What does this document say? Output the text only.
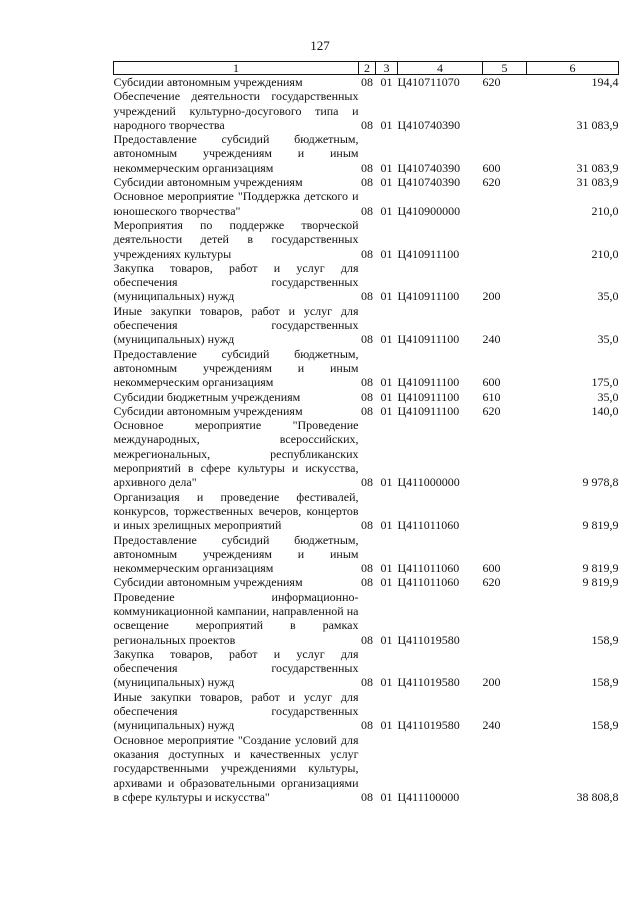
127
1	2	3	4	5	6
Субсидии автономным учреждениям	08	01	Ц410711070	620	194,4
Обеспечение деятельности государственных учреждений культурно-досугового типа и народного творчества	08	01	Ц410740390		31 083,9
Предоставление субсидий бюджетным, автономным учреждениям и иным некоммерческим организациям	08	01	Ц410740390	600	31 083,9
Субсидии автономным учреждениям	08	01	Ц410740390	620	31 083,9
Основное мероприятие "Поддержка детского и юношеского творчества"	08	01	Ц410900000		210,0
Мероприятия по поддержке творческой деятельности детей в государственных учреждениях культуры	08	01	Ц410911100		210,0
Закупка товаров, работ и услуг для обеспечения государственных (муниципальных) нужд	08	01	Ц410911100	200	35,0
Иные закупки товаров, работ и услуг для обеспечения государственных (муниципальных) нужд	08	01	Ц410911100	240	35,0
Предоставление субсидий бюджетным, автономным учреждениям и иным некоммерческим организациям	08	01	Ц410911100	600	175,0
Субсидии бюджетным учреждениям	08	01	Ц410911100	610	35,0
Субсидии автономным учреждениям	08	01	Ц410911100	620	140,0
Основное мероприятие "Проведение международных, всероссийских, межрегиональных, республиканских мероприятий в сфере культуры и искусства, архивного дела"	08	01	Ц411000000		9 978,8
Организация и проведение фестивалей, конкурсов, торжественных вечеров, концертов и иных зрелищных мероприятий	08	01	Ц411011060		9 819,9
Предоставление субсидий бюджетным, автономным учреждениям и иным некоммерческим организациям	08	01	Ц411011060	600	9 819,9
Субсидии автономным учреждениям	08	01	Ц411011060	620	9 819,9
Проведение информационно-коммуникационной кампании, направленной на освещение мероприятий в рамках региональных проектов	08	01	Ц411019580		158,9
Закупка товаров, работ и услуг для обеспечения государственных (муниципальных) нужд	08	01	Ц411019580	200	158,9
Иные закупки товаров, работ и услуг для обеспечения государственных (муниципальных) нужд	08	01	Ц411019580	240	158,9
Основное мероприятие "Создание условий для оказания доступных и качественных услуг государственными учреждениями культуры, архивами и образовательными организациями в сфере культуры и искусства"	08	01	Ц411100000		38 808,8
